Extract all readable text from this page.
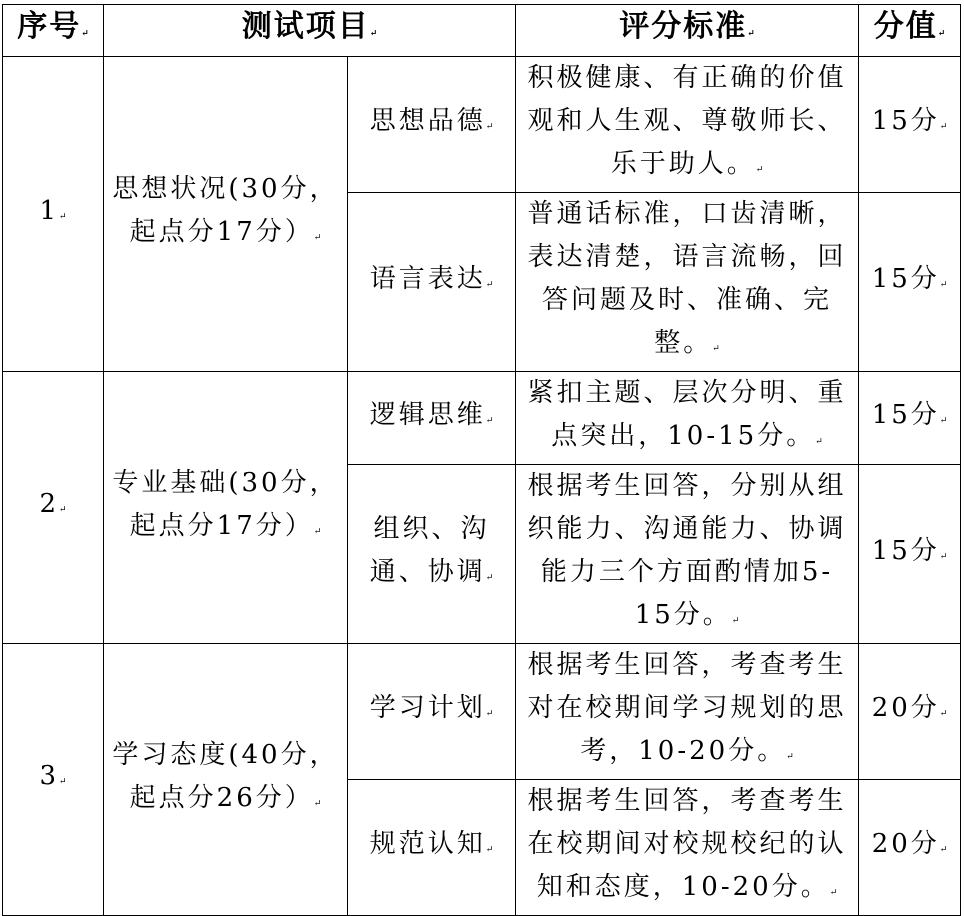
序号↵	测试项目↵		评分标准↵	分值↵
1↵	思想状况(30分，起点分17分）↵	思想品德↵	积极健康、有正确的价值观和人生观、尊敬师长、乐于助人。↵	15分↵
		语言表达↵	普通话标准，口齿清晰，表达清楚，语言流畅，回答问题及时、准确、完整。↵	15分↵
2↵	专业基础(30分，起点分17分）↵	逻辑思维↵	紧扣主题、层次分明、重点突出，10-15分。↵	15分↵
		组织、沟通、协调↵	根据考生回答，分别从组织能力、沟通能力、协调能力三个方面酌情加5-15分。↵	15分↵
3↵	学习态度(40分，起点分26分）↵	学习计划↵	根据考生回答，考查考生对在校期间学习规划的思考，10-20分。↵	20分↵
		规范认知↵	根据考生回答，考查考生在校期间对校规校纪的认知和态度，10-20分。↵	20分↵
